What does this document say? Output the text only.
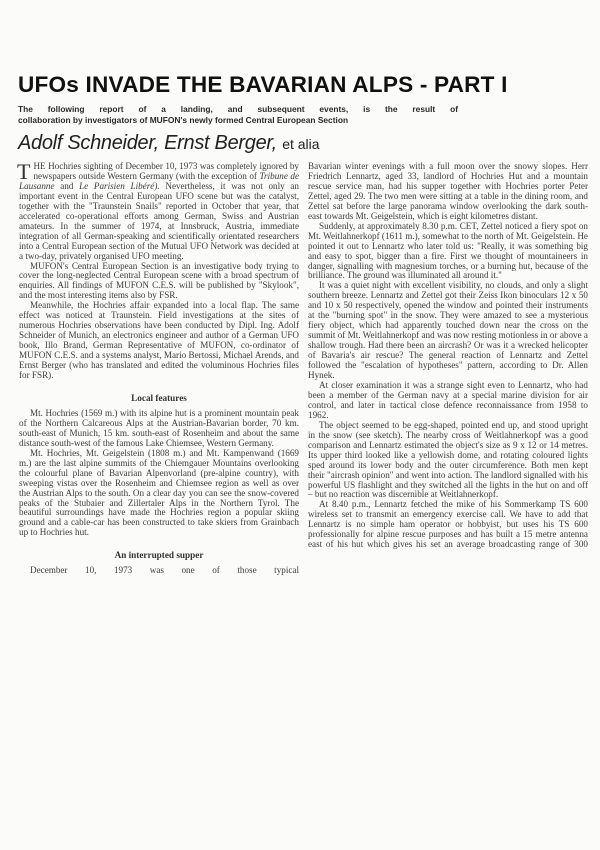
UFOs INVADE THE BAVARIAN ALPS - PART I
The following report of a landing, and subsequent events, is the result of
collaboration by investigators of MUFON's newly formed Central European Section
Adolf Schneider, Ernst Berger, et alia

THE Hochries sighting of December 10, 1973 was completely ignored by newspapers outside Western Germany (with the exception of Tribune de Lausanne and Le Parisien Libéré). Nevertheless, it was not only an important event in the Central European UFO scene but was the catalyst, together with the "Traunstein Snails" reported in October that year, that accelerated co-operational efforts among German, Swiss and Austrian amateurs. In the summer of 1974, at Innsbruck, Austria, immediate integration of all German-speaking and scientifically orientated researchers into a Central European section of the Mutual UFO Network was decided at a two-day, privately organised UFO meeting.

MUFON's Central European Section is an investigative body trying to cover the long-neglected Central European scene with a broad spectrum of enquiries. All findings of MUFON C.E.S. will be published by "Skylook", and the most interesting items also by FSR.

Meanwhile, the Hochries affair expanded into a local flap. The same effect was noticed at Traunstein. Field investigations at the sites of numerous Hochries observations have been conducted by Dipl. Ing. Adolf Schneider of Munich, an electronics engineer and author of a German UFO book, Illo Brand, German Representative of MUFON, co-ordinator of MUFON C.E.S. and a systems analyst, Mario Bertossi, Michael Arends, and Ernst Berger (who has translated and edited the voluminous Hochries files for FSR).

Local features

Mt. Hochries (1569 m.) with its alpine hut is a prominent mountain peak of the Northern Calcareous Alps at the Austrian-Bavarian border, 70 km. south-east of Munich, 15 km. south-east of Rosenheim and about the same distance south-west of the famous Lake Chiemsee, Western Germany.

Mt. Hochries, Mt. Geigelstein (1808 m.) and Mt. Kampenwand (1669 m.) are the last alpine summits of the Chiemgauer Mountains overlooking the colourful plane of Bavarian Alpenvorland (pre-alpine country), with sweeping vistas over the Rosenheim and Chiemsee region as well as over the Austrian Alps to the south. On a clear day you can see the snow-covered peaks of the Stubaier and Zillertaler Alps in the Northern Tyrol. The beautiful surroundings have made the Hochries region a popular skiing ground and a cable-car has been constructed to take skiers from Grainbach up to Hochries hut.

An interrupted supper

December 10, 1973 was one of those typical

Bavarian winter evenings with a full moon over the snowy slopes. Herr Friedrich Lennartz, aged 33, landlord of Hochries Hut and a mountain rescue service man, had his supper together with Hochries porter Peter Zettel, aged 29. The two men were sitting at a table in the dining room, and Zettel sat before the large panorama window overlooking the dark south-east towards Mt. Geigelstein, which is eight kilometres distant.

Suddenly, at approximately 8.30 p.m. CET, Zettel noticed a fiery spot on Mt. Weitlahnerkopf (1611 m.), somewhat to the north of Mt. Geigelstein. He pointed it out to Lennartz who later told us: "Really, it was something big and easy to spot, bigger than a fire. First we thought of mountaineers in danger, signalling with magnesium torches, or a burning hut, because of the brilliance. The ground was illuminated all around it."

It was a quiet night with excellent visibility, no clouds, and only a slight southern breeze. Lennartz and Zettel got their Zeiss Ikon binoculars 12 x 50 and 10 x 50 respectively, opened the window and pointed their instruments at the "burning spot" in the snow. They were amazed to see a mysterious fiery object, which had apparently touched down near the cross on the summit of Mt. Weitlahnerkopf and was now resting motionless in or above a shallow trough. Had there been an aircrash? Or was it a wrecked helicopter of Bavaria's air rescue? The general reaction of Lennartz and Zettel followed the "escalation of hypotheses" pattern, according to Dr. Allen Hynek.

At closer examination it was a strange sight even to Lennartz, who had been a member of the German navy at a special marine division for air control, and later in tactical close defence reconnaissance from 1958 to 1962.

The object seemed to be egg-shaped, pointed end up, and stood upright in the snow (see sketch). The nearby cross of Weitlahnerkopf was a good comparison and Lennartz estimated the object's size as 9 x 12 or 14 metres. Its upper third looked like a yellowish dome, and rotating coloured lights sped around its lower body and the outer circumference. Both men kept their "aircrash opinion" and went into action. The landlord signalled with his powerful US flashlight and they switched all the lights in the hut on and off – but no reaction was discernible at Weitlahnerkopf.

At 8.40 p.m., Lennartz fetched the mike of his Sommerkamp TS 600 wireless set to transmit an emergency exercise call. We have to add that Lennartz is no simple ham operator or hobbyist, but uses his TS 600 professionally for alpine rescue purposes and has built a 15 metre antenna east of his hut which gives his set an average broadcasting range of 300
